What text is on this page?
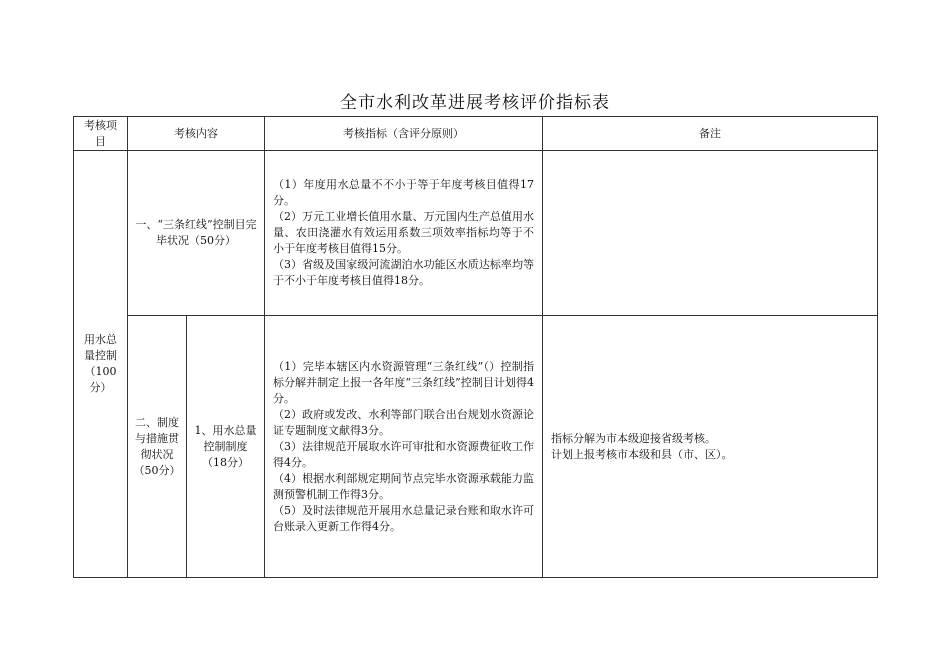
全市水利改革进展考核评价指标表
考核项目	考核内容		考核指标（含评分原则）	备注
用水总量控制（100分）	一、“三条红线”控制目完毕状况（50分）		（1）年度用水总量不不小于等于年度考核目值得17分。
（2）万元工业增长值用水量、万元国内生产总值用水量、农田浇灌水有效运用系数三项效率指标均等于不小于年度考核目值得15分。
（3）省级及国家级河流湖泊水功能区水质达标率均等于不小于年度考核目值得18分。	

	二、制度与措施贯彻状况（50分）	1、用水总量控制制度（18分）	（1）完毕本辖区内水资源管理“三条红线”（）控制指标分解并制定上报一各年度“三条红线”控制目计划得4分。
（2）政府或发改、水利等部门联合出台规划水资源论证专题制度文献得3分。
（3）法律规范开展取水许可审批和水资源费征收工作得4分。
（4）根据水利部规定期间节点完毕水资源承载能力监测预警机制工作得3分。
（5）及时法律规范开展用水总量记录台账和取水许可台账录入更新工作得4分。	指标分解为市本级迎接省级考核。
计划上报考核市本级和县（市、区）。
